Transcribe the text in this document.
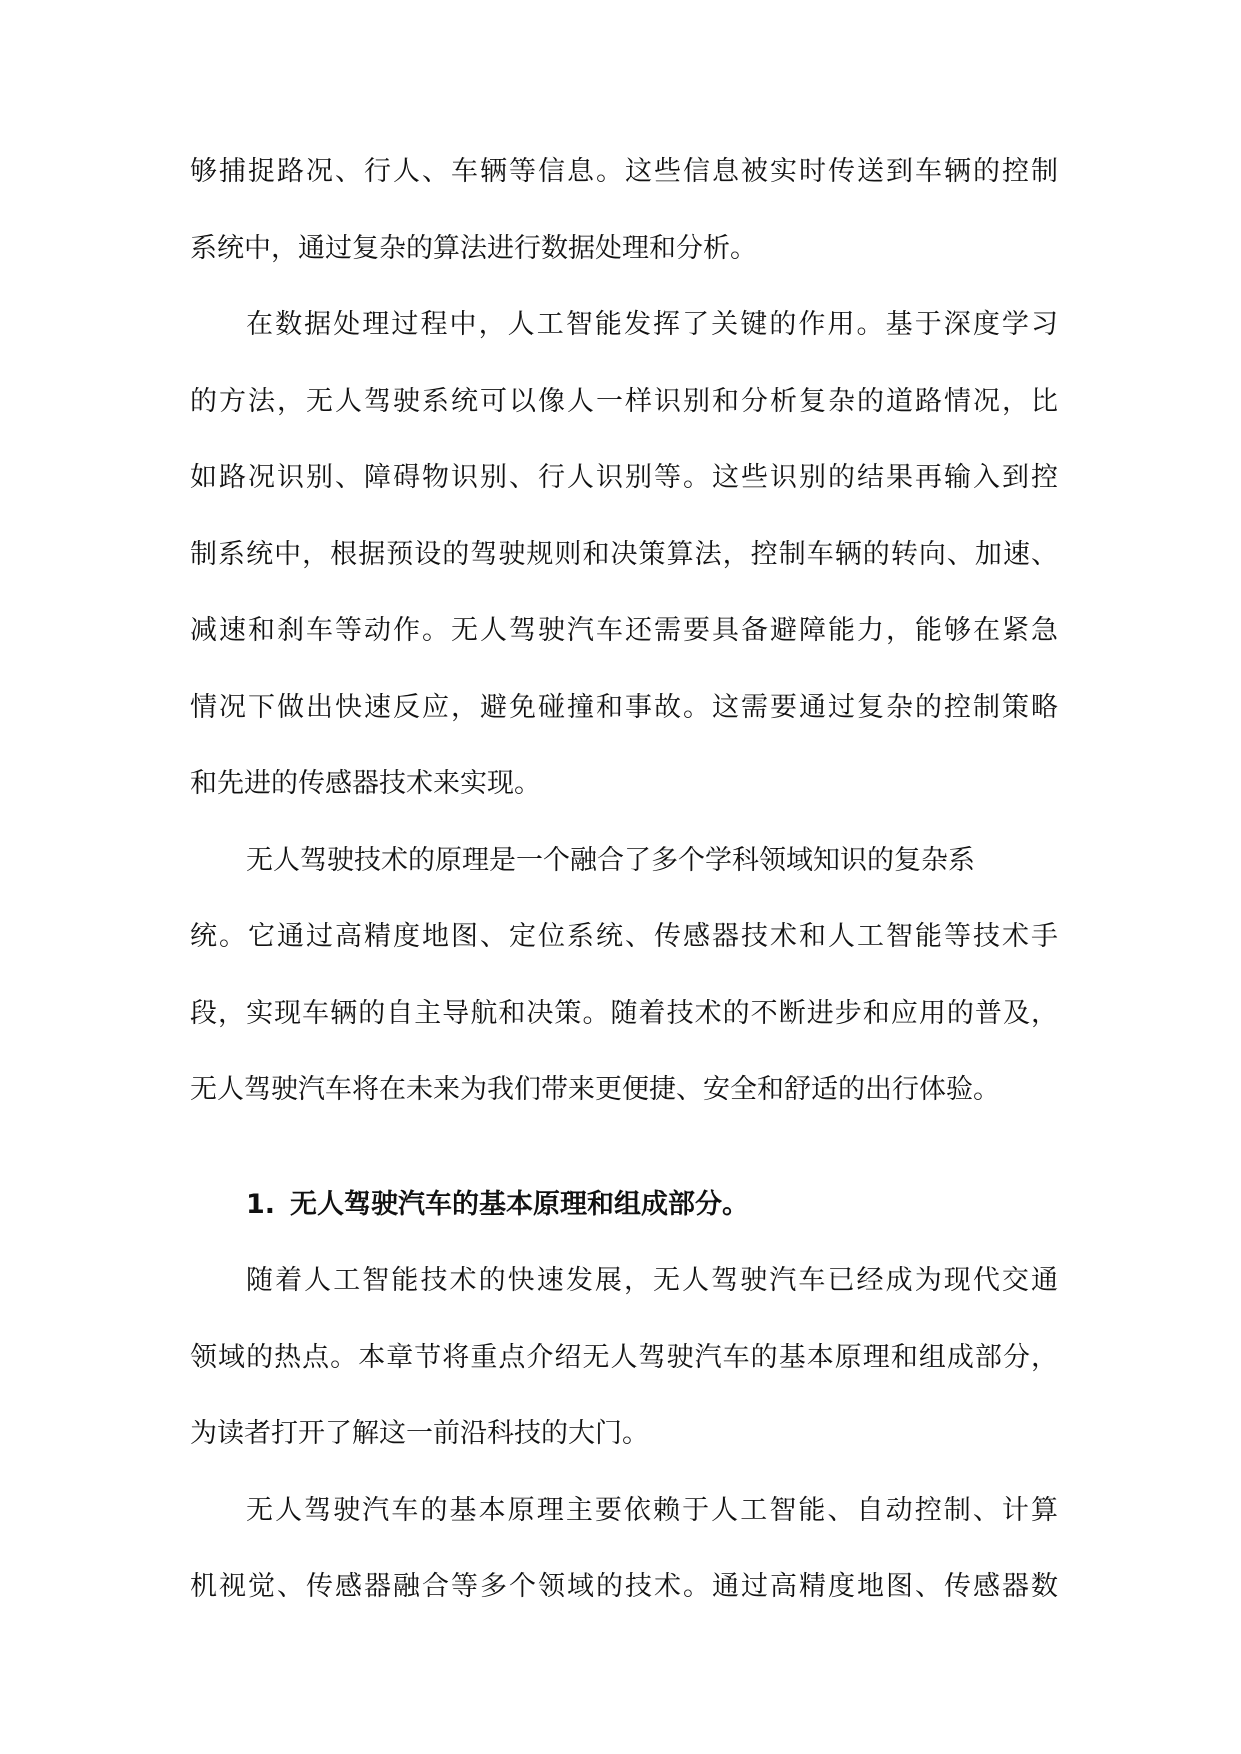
够捕捉路况、行人、车辆等信息。这些信息被实时传送到车辆的控制
系统中，通过复杂的算法进行数据处理和分析。
在数据处理过程中，人工智能发挥了关键的作用。基于深度学习
的方法，无人驾驶系统可以像人一样识别和分析复杂的道路情况，比
如路况识别、障碍物识别、行人识别等。这些识别的结果再输入到控
制系统中，根据预设的驾驶规则和决策算法，控制车辆的转向、加速、
减速和刹车等动作。无人驾驶汽车还需要具备避障能力，能够在紧急
情况下做出快速反应，避免碰撞和事故。这需要通过复杂的控制策略
和先进的传感器技术来实现。
无人驾驶技术的原理是一个融合了多个学科领域知识的复杂系
统。它通过高精度地图、定位系统、传感器技术和人工智能等技术手
段，实现车辆的自主导航和决策。随着技术的不断进步和应用的普及，
无人驾驶汽车将在未来为我们带来更便捷、安全和舒适的出行体验。
1. 无人驾驶汽车的基本原理和组成部分。
随着人工智能技术的快速发展，无人驾驶汽车已经成为现代交通
领域的热点。本章节将重点介绍无人驾驶汽车的基本原理和组成部分，
为读者打开了解这一前沿科技的大门。
无人驾驶汽车的基本原理主要依赖于人工智能、自动控制、计算
机视觉、传感器融合等多个领域的技术。通过高精度地图、传感器数
